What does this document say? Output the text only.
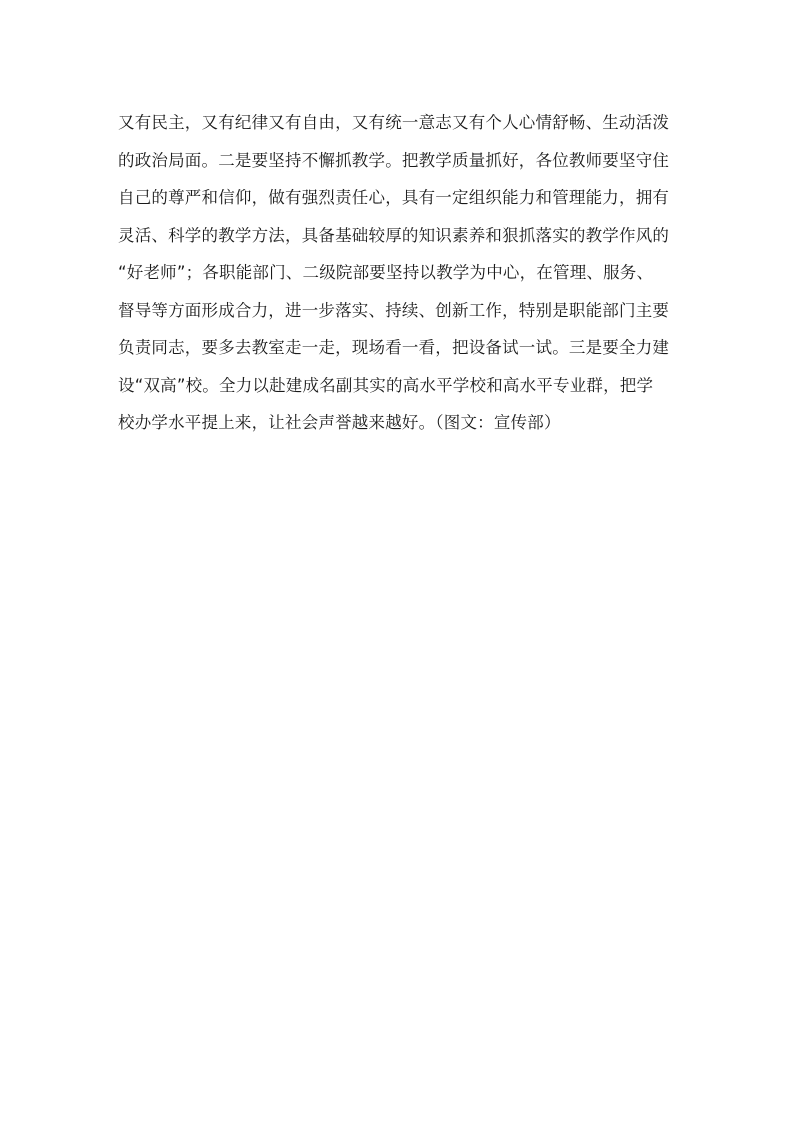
又有民主，又有纪律又有自由，又有统一意志又有个人心情舒畅、生动活泼
的政治局面。二是要坚持不懈抓教学。把教学质量抓好，各位教师要坚守住
自己的尊严和信仰，做有强烈责任心，具有一定组织能力和管理能力，拥有
灵活、科学的教学方法，具备基础较厚的知识素养和狠抓落实的教学作风的
“好老师”；各职能部门、二级院部要坚持以教学为中心，在管理、服务、
督导等方面形成合力，进一步落实、持续、创新工作，特别是职能部门主要
负责同志，要多去教室走一走，现场看一看，把设备试一试。三是要全力建
设“双高”校。全力以赴建成名副其实的高水平学校和高水平专业群，把学
校办学水平提上来，让社会声誉越来越好。（图文：宣传部）
